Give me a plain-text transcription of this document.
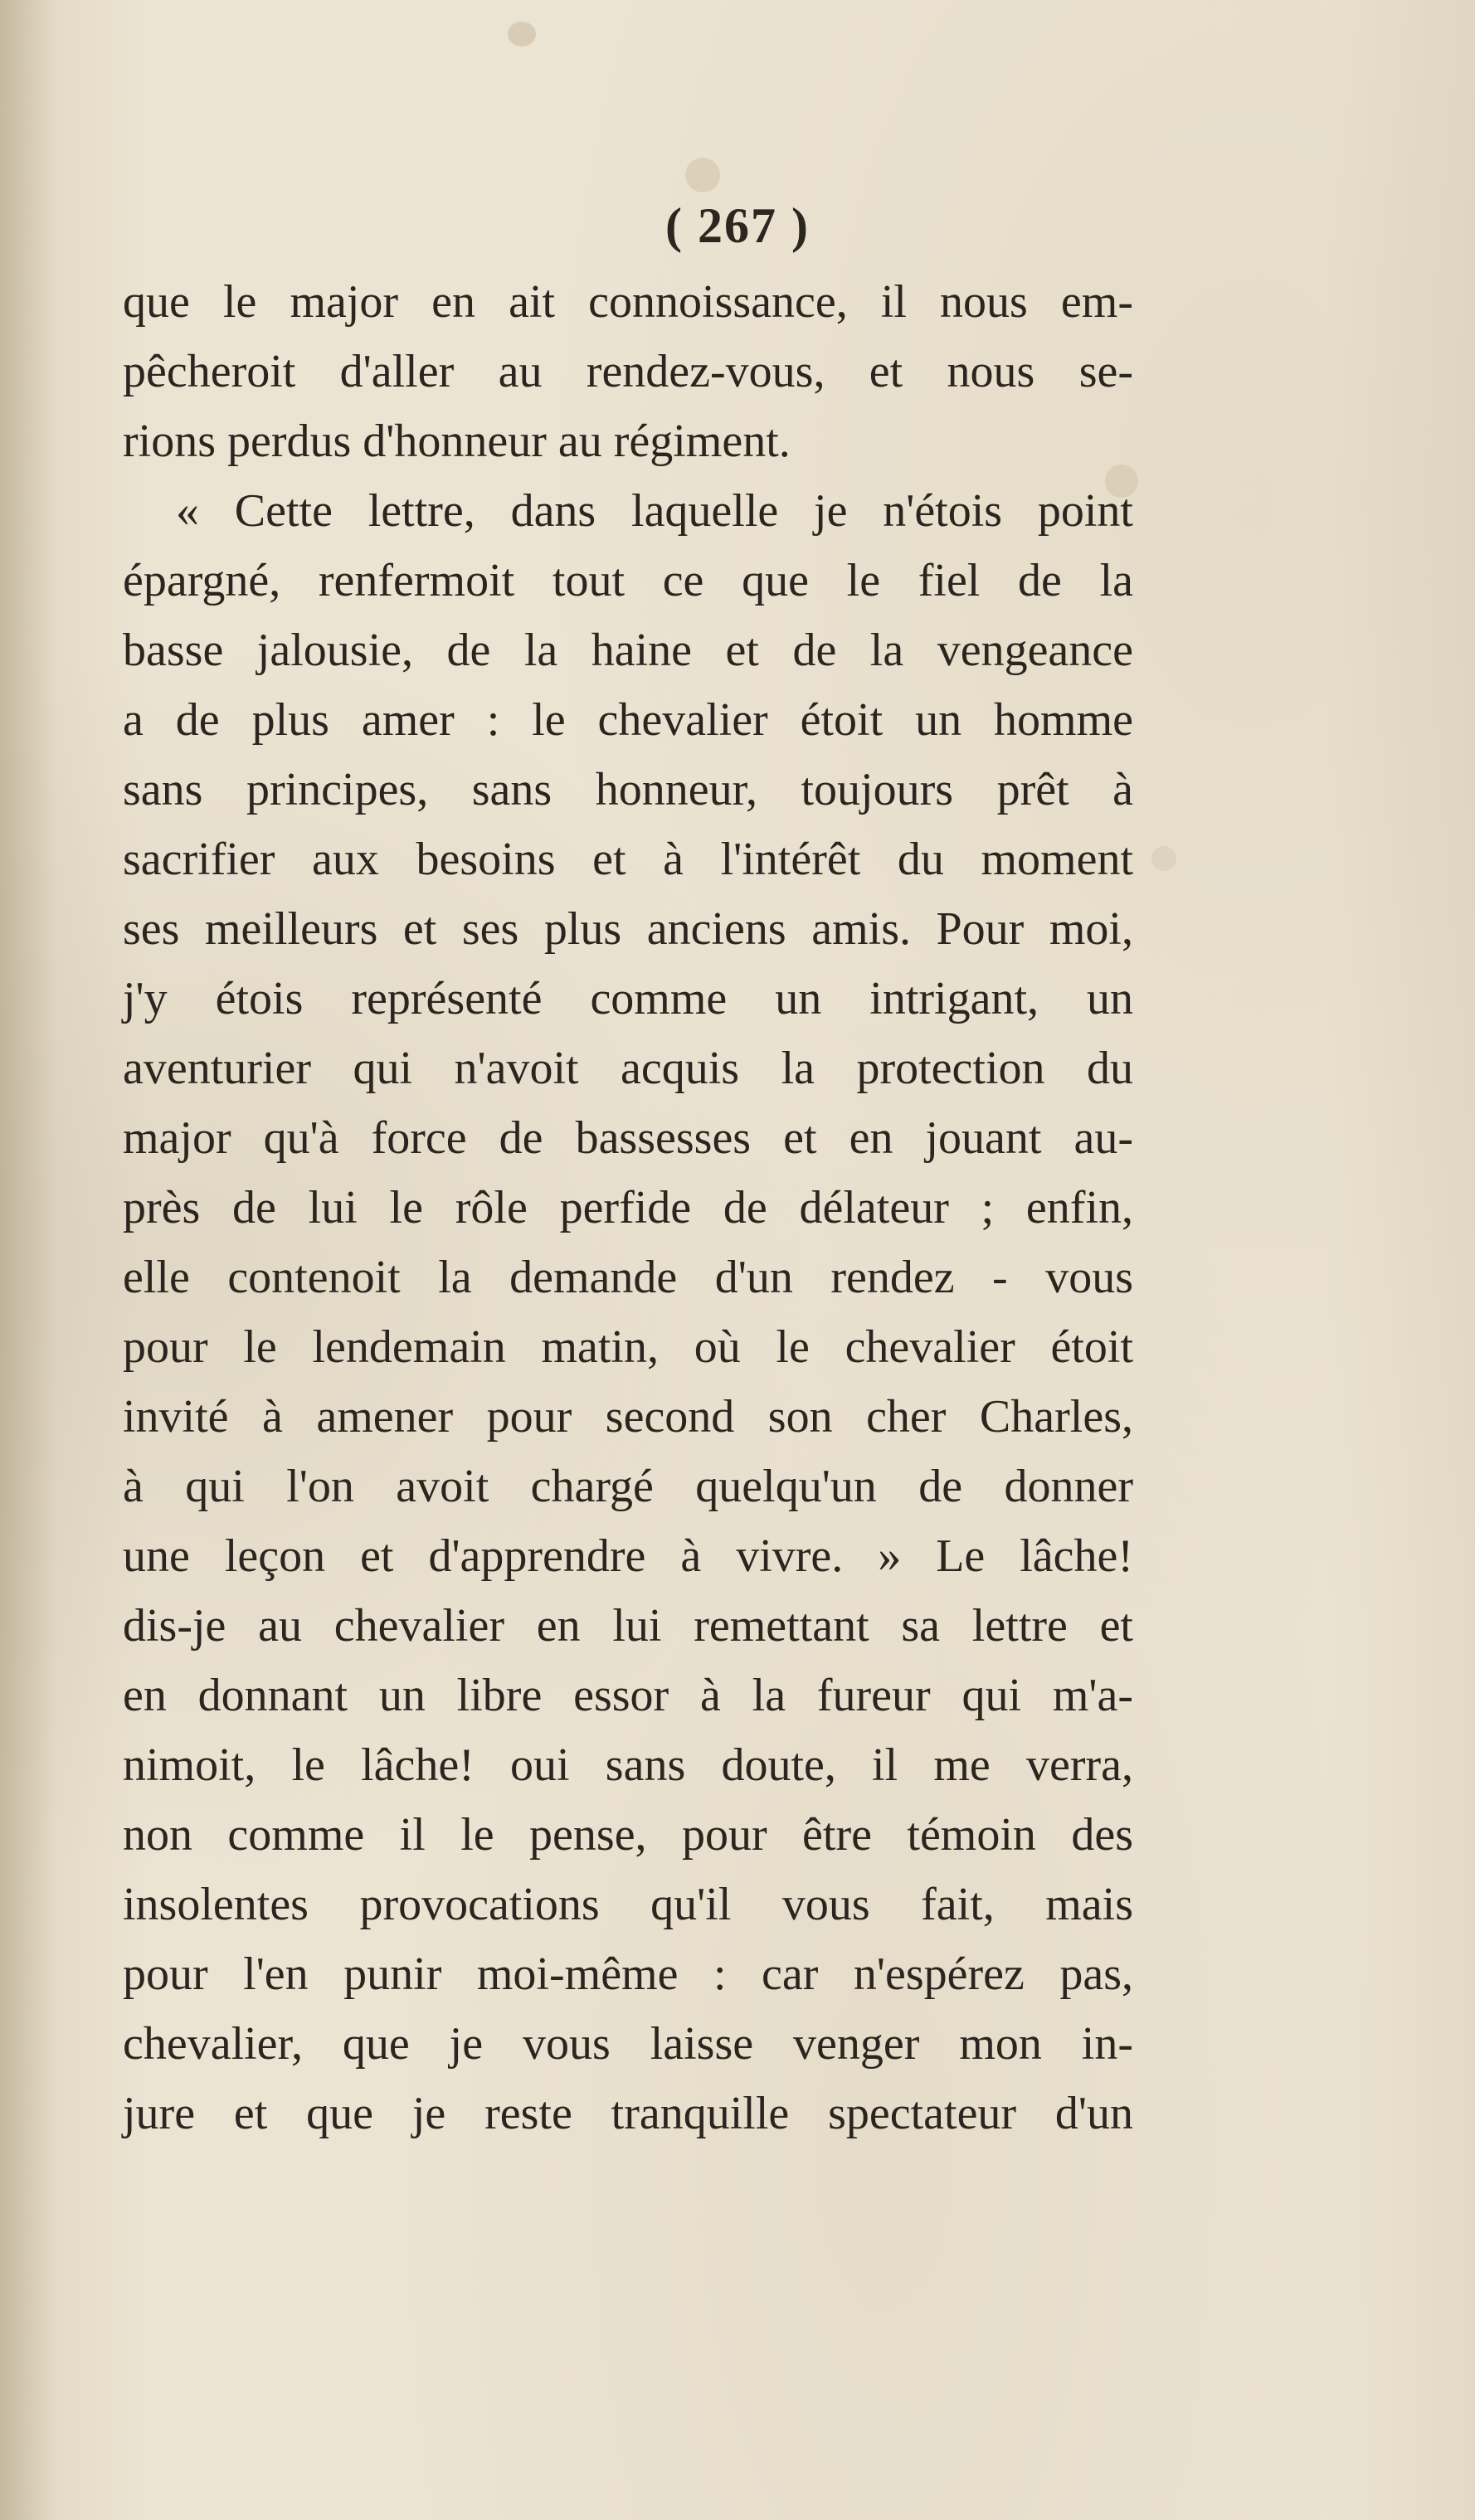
( 267 )
que le major en ait connoissance, il nous em-
pêcheroit d'aller au rendez-vous, et nous se-
rions perdus d'honneur au régiment.
« Cette lettre, dans laquelle je n'étois point
épargné, renfermoit tout ce que le fiel de la
basse jalousie, de la haine et de la vengeance
a de plus amer : le chevalier étoit un homme
sans principes, sans honneur, toujours prêt à
sacrifier aux besoins et à l'intérêt du moment
ses meilleurs et ses plus anciens amis. Pour moi,
j'y étois représenté comme un intrigant, un
aventurier qui n'avoit acquis la protection du
major qu'à force de bassesses et en jouant au-
près de lui le rôle perfide de délateur ; enfin,
elle contenoit la demande d'un rendez - vous
pour le lendemain matin, où le chevalier étoit
invité à amener pour second son cher Charles,
à qui l'on avoit chargé quelqu'un de donner
une leçon et d'apprendre à vivre. » Le lâche!
dis-je au chevalier en lui remettant sa lettre et
en donnant un libre essor à la fureur qui m'a-
nimoit, le lâche! oui sans doute, il me verra,
non comme il le pense, pour être témoin des
insolentes provocations qu'il vous fait, mais
pour l'en punir moi-même : car n'espérez pas,
chevalier, que je vous laisse venger mon in-
jure et que je reste tranquille spectateur d'un
